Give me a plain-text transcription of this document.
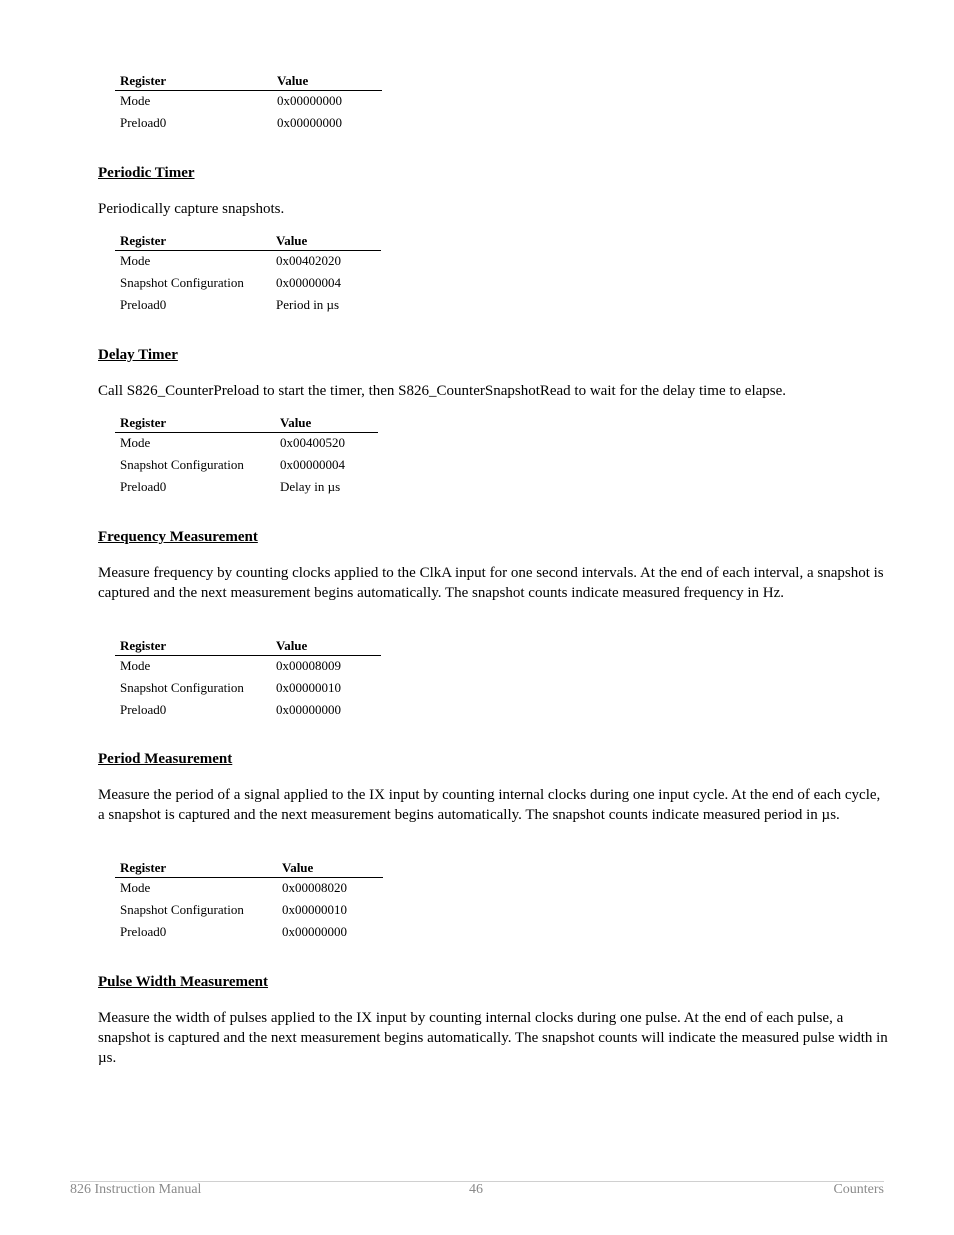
Register	Value
Mode	0x00000000
Preload0	0x00000000
Periodic Timer
Periodically capture snapshots.
Register	Value
Mode	0x00402020
Snapshot Configuration 0x00000004
Preload0	Period in µs
Delay Timer
Call S826_CounterPreload to start the timer, then S826_CounterSnapshotRead to wait for the delay time to elapse.
Register	Value
Mode	0x00400520
Snapshot Configuration	0x00000004
Preload0	Delay in µs
Frequency Measurement
Measure frequency by counting clocks applied to the ClkA input for one second intervals. At the end of each interval, a snapshot is captured and the next measurement begins automatically. The snapshot counts indicate measured frequency in Hz.
Register	Value
Mode	0x00008009
Snapshot Configuration 0x00000010
Preload0	0x00000000
Period Measurement
Measure the period of a signal applied to the IX input by counting internal clocks during one input cycle. At the end of each cycle, a snapshot is captured and the next measurement begins automatically. The snapshot counts indicate measured period in µs.
Register	Value
Mode	0x00008020
Snapshot Configuration	0x00000010
Preload0	0x00000000
Pulse Width Measurement
Measure the width of pulses applied to the IX input by counting internal clocks during one pulse. At the end of each pulse, a snapshot is captured and the next measurement begins automatically. The snapshot counts will indicate the measured pulse width in µs.
826 Instruction Manual	46	Counters
